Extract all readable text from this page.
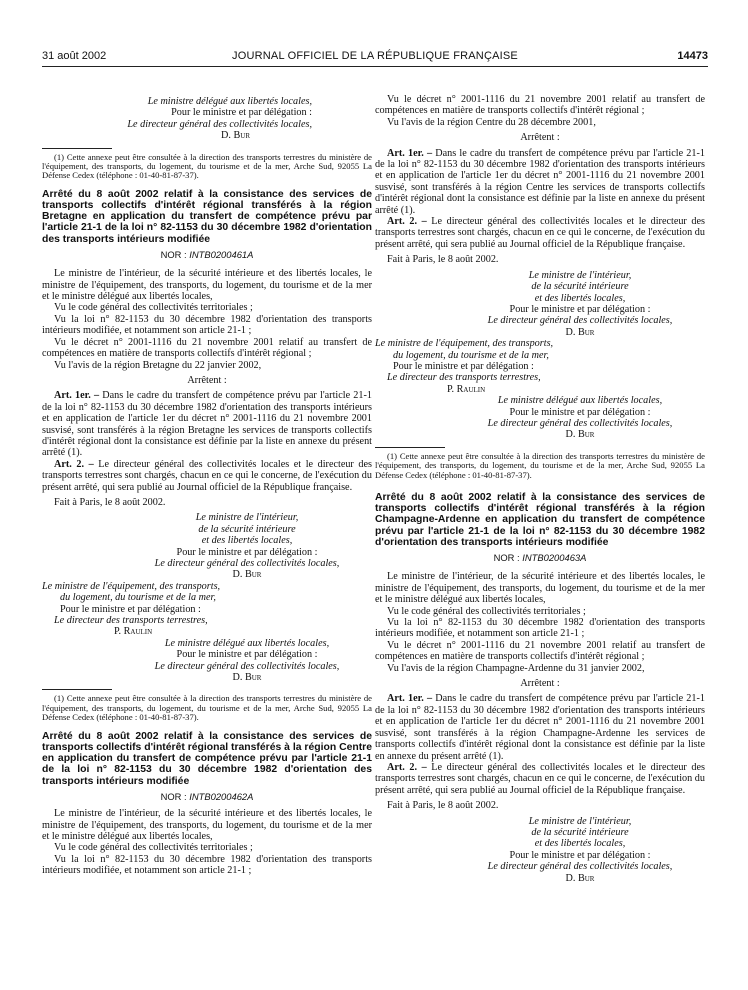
31 août 2002	JOURNAL OFFICIEL DE LA RÉPUBLIQUE FRANÇAISE	14473

Le ministre délégué aux libertés locales,

Pour le ministre et par délégation :

Le directeur général des collectivités locales,

D. Bur

(1) Cette annexe peut être consultée à la direction des transports terrestres du ministère de l'équipement, des transports, du logement, du tourisme et de la mer, Arche Sud, 92055 La Défense Cedex (téléphone : 01-40-81-87-37).

Arrêté du 8 août 2002 relatif à la consistance des services de transports collectifs d'intérêt régional transférés à la région Bretagne en application du transfert de compétence prévu par l'article 21-1 de la loi n° 82-1153 du 30 décembre 1982 d'orientation des transports intérieurs modifiée

NOR : INTB0200461A

Le ministre de l'intérieur, de la sécurité intérieure et des libertés locales, le ministre de l'équipement, des transports, du logement, du tourisme et de la mer et le ministre délégué aux libertés locales,

Vu le code général des collectivités territoriales ;

Vu la loi n° 82-1153 du 30 décembre 1982 d'orientation des transports intérieurs modifiée, et notamment son article 21-1 ;

Vu le décret n° 2001-1116 du 21 novembre 2001 relatif au transfert de compétences en matière de transports collectifs d'intérêt régional ;

Vu l'avis de la région Bretagne du 22 janvier 2002,

Arrêtent :

Art. 1er. – Dans le cadre du transfert de compétence prévu par l'article 21-1 de la loi n° 82-1153 du 30 décembre 1982 d'orientation des transports intérieurs et en application de l'article 1er du décret n° 2001-1116 du 21 novembre 2001 susvisé, sont transférés à la région Bretagne les services de transports collectifs d'intérêt régional dont la consistance est définie par la liste en annexe du présent arrêté (1).

Art. 2. – Le directeur général des collectivités locales et le directeur des transports terrestres sont chargés, chacun en ce qui le concerne, de l'exécution du présent arrêté, qui sera publié au Journal officiel de la République française.

Fait à Paris, le 8 août 2002.

Le ministre de l'intérieur,

de la sécurité intérieure

et des libertés locales,

Pour le ministre et par délégation :

Le directeur général des collectivités locales,

D. Bur

Le ministre de l'équipement, des transports,

du logement, du tourisme et de la mer,

Pour le ministre et par délégation :

Le directeur des transports terrestres,

P. Raulin

Le ministre délégué aux libertés locales,

Pour le ministre et par délégation :

Le directeur général des collectivités locales,

D. Bur

(1) Cette annexe peut être consultée à la direction des transports terrestres du ministère de l'équipement, des transports, du logement, du tourisme et de la mer, Arche Sud, 92055 La Défense Cedex (téléphone : 01-40-81-87-37).

Arrêté du 8 août 2002 relatif à la consistance des services de transports collectifs d'intérêt régional transférés à la région Centre en application du transfert de compétence prévu par l'article 21-1 de la loi n° 82-1153 du 30 décembre 1982 d'orientation des transports intérieurs modifiée

NOR : INTB0200462A

Le ministre de l'intérieur, de la sécurité intérieure et des libertés locales, le ministre de l'équipement, des transports, du logement, du tourisme et de la mer et le ministre délégué aux libertés locales,

Vu le code général des collectivités territoriales ;

Vu la loi n° 82-1153 du 30 décembre 1982 d'orientation des transports intérieurs modifiée, et notamment son article 21-1 ;

Vu le décret n° 2001-1116 du 21 novembre 2001 relatif au transfert de compétences en matière de transports collectifs d'intérêt régional ;

Vu l'avis de la région Centre du 28 décembre 2001,

Arrêtent :

Art. 1er. – Dans le cadre du transfert de compétence prévu par l'article 21-1 de la loi n° 82-1153 du 30 décembre 1982 d'orientation des transports intérieurs et en application de l'article 1er du décret n° 2001-1116 du 21 novembre 2001 susvisé, sont transférés à la région Centre les services de transports collectifs d'intérêt régional dont la consistance est définie par la liste en annexe du présent arrêté (1).

Art. 2. – Le directeur général des collectivités locales et le directeur des transports terrestres sont chargés, chacun en ce qui le concerne, de l'exécution du présent arrêté, qui sera publié au Journal officiel de la République française.

Fait à Paris, le 8 août 2002.

Le ministre de l'intérieur,

de la sécurité intérieure

et des libertés locales,

Pour le ministre et par délégation :

Le directeur général des collectivités locales,

D. Bur

Le ministre de l'équipement, des transports,

du logement, du tourisme et de la mer,

Pour le ministre et par délégation :

Le directeur des transports terrestres,

P. Raulin

Le ministre délégué aux libertés locales,

Pour le ministre et par délégation :

Le directeur général des collectivités locales,

D. Bur

(1) Cette annexe peut être consultée à la direction des transports terrestres du ministère de l'équipement, des transports, du logement, du tourisme et de la mer, Arche Sud, 92055 La Défense Cedex (téléphone : 01-40-81-87-37).

Arrêté du 8 août 2002 relatif à la consistance des services de transports collectifs d'intérêt régional transférés à la région Champagne-Ardenne en application du transfert de compétence prévu par l'article 21-1 de la loi n° 82-1153 du 30 décembre 1982 d'orientation des transports intérieurs modifiée

NOR : INTB0200463A

Le ministre de l'intérieur, de la sécurité intérieure et des libertés locales, le ministre de l'équipement, des transports, du logement, du tourisme et de la mer et le ministre délégué aux libertés locales,

Vu le code général des collectivités territoriales ;

Vu la loi n° 82-1153 du 30 décembre 1982 d'orientation des transports intérieurs modifiée, et notamment son article 21-1 ;

Vu le décret n° 2001-1116 du 21 novembre 2001 relatif au transfert de compétences en matière de transports collectifs d'intérêt régional ;

Vu l'avis de la région Champagne-Ardenne du 31 janvier 2002,

Arrêtent :

Art. 1er. – Dans le cadre du transfert de compétence prévu par l'article 21-1 de la loi n° 82-1153 du 30 décembre 1982 d'orientation des transports intérieurs et en application de l'article 1er du décret n° 2001-1116 du 21 novembre 2001 susvisé, sont transférés à la région Champagne-Ardenne les services de transports collectifs d'intérêt régional dont la consistance est définie par la liste en annexe du présent arrêté (1).

Art. 2. – Le directeur général des collectivités locales et le directeur des transports terrestres sont chargés, chacun en ce qui le concerne, de l'exécution du présent arrêté, qui sera publié au Journal officiel de la République française.

Fait à Paris, le 8 août 2002.

Le ministre de l'intérieur,

de la sécurité intérieure

et des libertés locales,

Pour le ministre et par délégation :

Le directeur général des collectivités locales,

D. Bur
